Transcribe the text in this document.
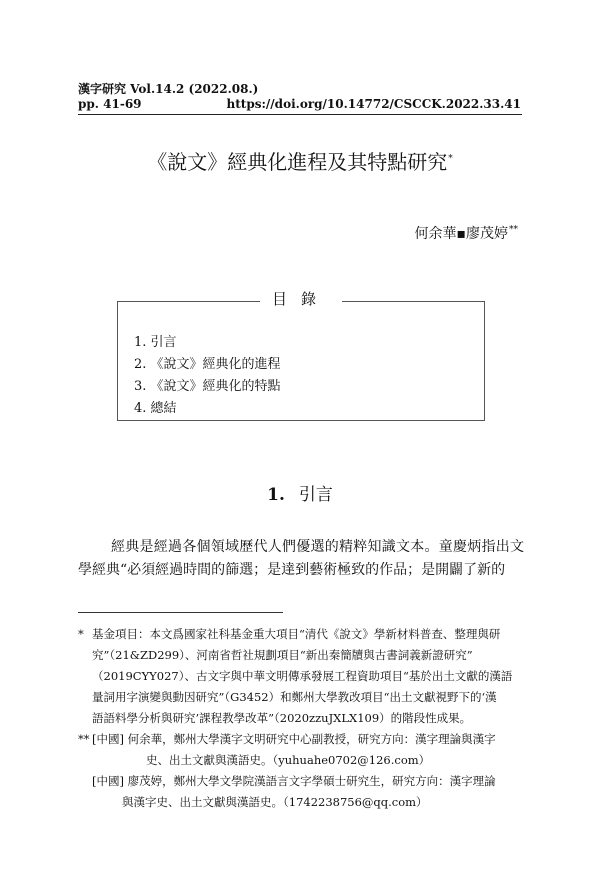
漢字研究 Vol.14.2 (2022.08.)
pp. 41-69	https://doi.org/10.14772/CSCCK.2022.33.41
《說文》經典化進程及其特點研究*
何余華▪廖茂婷**
目錄
1. 引言
2. 《說文》經典化的進程
3. 《說文》經典化的特點
4. 總結
1. 引言

經典是經過各個領域歷代人們優選的精粹知識文本。童慶炳指出文學經典“必須經過時間的篩選；是達到藝術極致的作品；是開闢了新的

* 基金項目：本文爲國家社科基金重大項目“清代《說文》學新材料普查、整理與研
究”（21&ZD299）、河南省哲社規劃項目“新出秦簡牘與古書詞義新證研究”
（2019CYY027）、古文字與中華文明傳承發展工程資助項目“基於出土文獻的漢語
量詞用字演變與動因研究”（G3452）和鄭州大學教改項目“出土文獻視野下的‘漢
語語料學分析與研究’課程教學改革”（2020zzuJXLX109）的階段性成果。
** [中國] 何余華，鄭州大學漢字文明研究中心副教授，研究方向：漢字理論與漢字
史、出土文獻與漢語史。（yuhuahe0702@126.com）
[中國] 廖茂婷，鄭州大學文學院漢語言文字學碩士研究生，研究方向：漢字理論
與漢字史、出土文獻與漢語史。（1742238756@qq.com）
